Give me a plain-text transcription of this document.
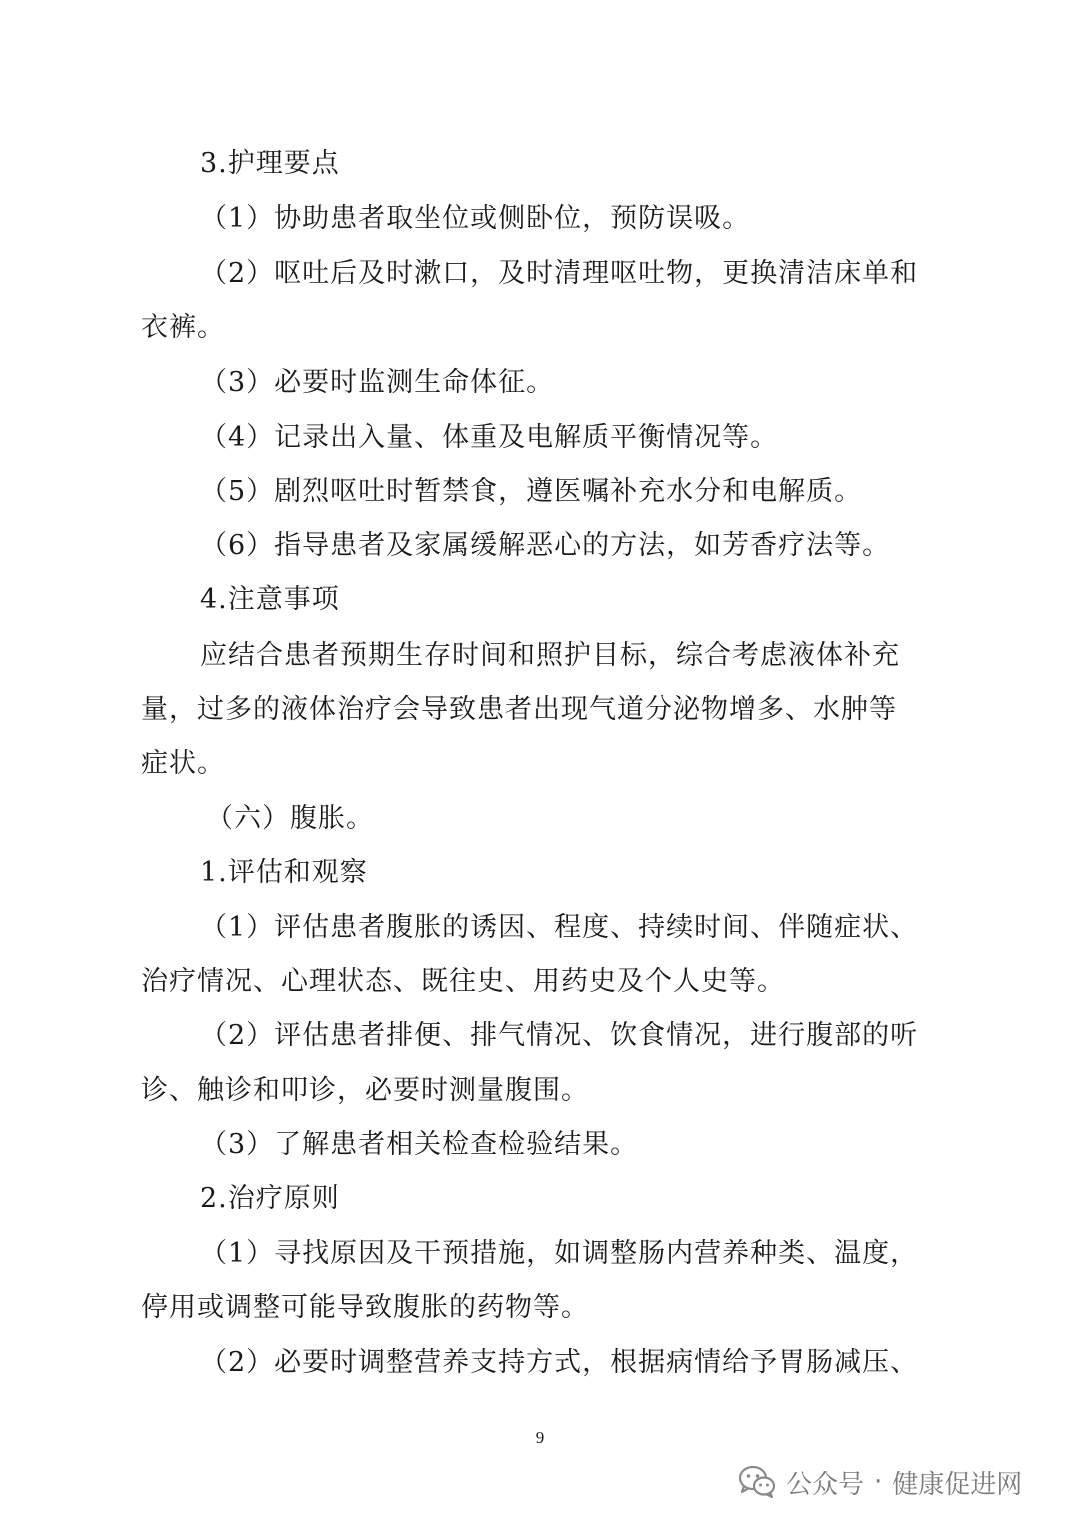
3.护理要点
（1）协助患者取坐位或侧卧位，预防误吸。
（2）呕吐后及时漱口，及时清理呕吐物，更换清洁床单和
衣裤。
（3）必要时监测生命体征。
（4）记录出入量、体重及电解质平衡情况等。
（5）剧烈呕吐时暂禁食，遵医嘱补充水分和电解质。
（6）指导患者及家属缓解恶心的方法，如芳香疗法等。
4.注意事项
应结合患者预期生存时间和照护目标，综合考虑液体补充
量，过多的液体治疗会导致患者出现气道分泌物增多、水肿等
症状。
（六）腹胀。
1.评估和观察
（1）评估患者腹胀的诱因、程度、持续时间、伴随症状、
治疗情况、心理状态、既往史、用药史及个人史等。
（2）评估患者排便、排气情况、饮食情况，进行腹部的听
诊、触诊和叩诊，必要时测量腹围。
（3）了解患者相关检查检验结果。
2.治疗原则
（1）寻找原因及干预措施，如调整肠内营养种类、温度，
停用或调整可能导致腹胀的药物等。
（2）必要时调整营养支持方式，根据病情给予胃肠减压、
9
公众号 · 健康促进网
